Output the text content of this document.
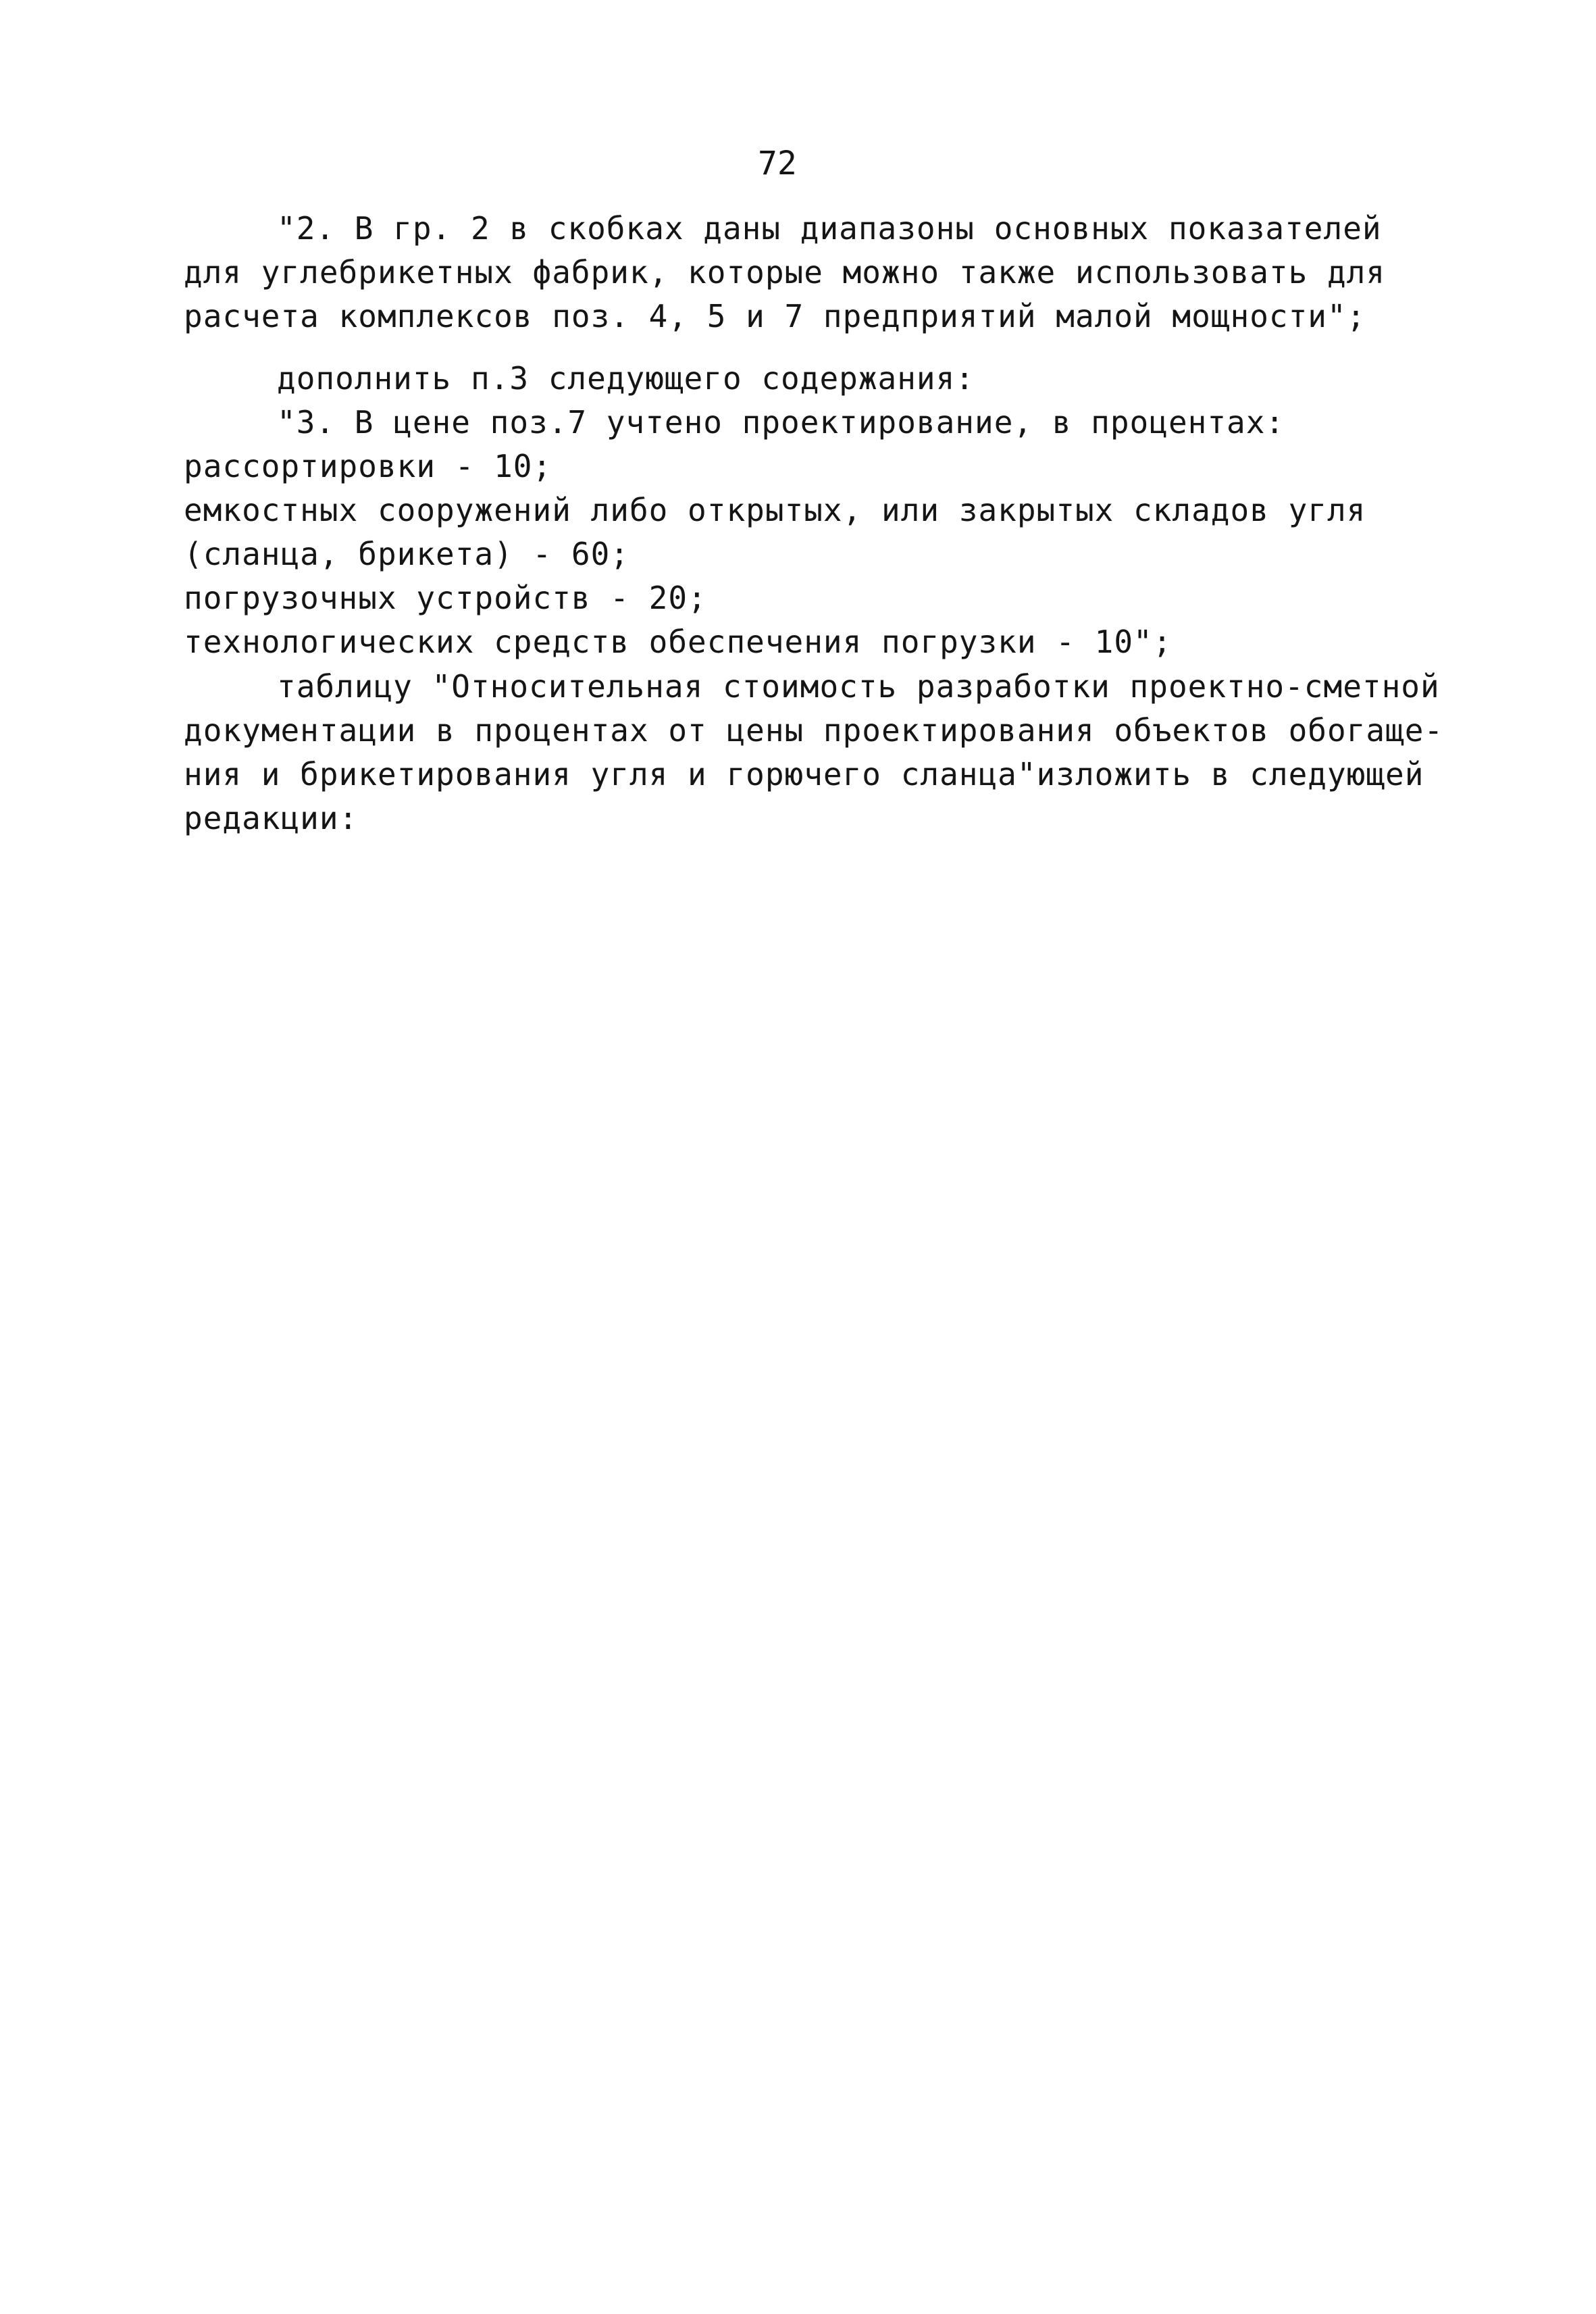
72
"2. В гр. 2 в скобках даны диапазоны основных показателей
для углебрикетных фабрик, которые можно также использовать для
расчета комплексов поз. 4, 5 и 7 предприятий малой мощности";
дополнить п.3 следующего содержания:
"3. В цене поз.7 учтено проектирование, в процентах:
рассортировки - 10;
емкостных сооружений либо открытых, или закрытых складов угля
(сланца, брикета) - 60;
погрузочных устройств - 20;
технологических средств обеспечения погрузки - 10";
таблицу "Относительная стоимость разработки проектно-сметной
документации в процентах от цены проектирования объектов обогаще-
ния и брикетирования угля и горючего сланца"изложить в следующей
редакции:
